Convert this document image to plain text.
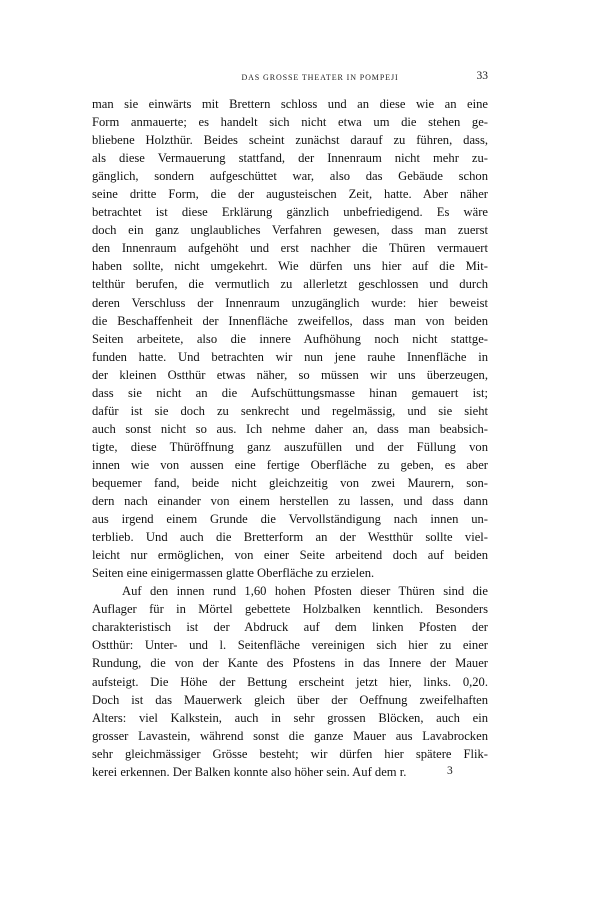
DAS GROSSE THEATER IN POMPEJI	33
man sie einwärts mit Brettern schloss und an diese wie an eine
Form anmauerte; es handelt sich nicht etwa um die stehen ge-
bliebene Holzthür. Beides scheint zunächst darauf zu führen, dass,
als diese Vermauerung stattfand, der Innenraum nicht mehr zu-
gänglich, sondern aufgeschüttet war, also das Gebäude schon
seine dritte Form, die der augusteischen Zeit, hatte. Aber näher
betrachtet ist diese Erklärung gänzlich unbefriedigend. Es wäre
doch ein ganz unglaubliches Verfahren gewesen, dass man zuerst
den Innenraum aufgehöht und erst nachher die Thüren vermauert
haben sollte, nicht umgekehrt. Wie dürfen uns hier auf die Mit-
telthür berufen, die vermutlich zu allerletzt geschlossen und durch
deren Verschluss der Innenraum unzugänglich wurde: hier beweist
die Beschaffenheit der Innenfläche zweifellos, dass man von beiden
Seiten arbeitete, also die innere Aufhöhung noch nicht stattge-
funden hatte. Und betrachten wir nun jene rauhe Innenfläche in
der kleinen Ostthür etwas näher, so müssen wir uns überzeugen,
dass sie nicht an die Aufschüttungsmasse hinan gemauert ist;
dafür ist sie doch zu senkrecht und regelmässig, und sie sieht
auch sonst nicht so aus. Ich nehme daher an, dass man beabsich-
tigte, diese Thüröffnung ganz auszufüllen und der Füllung von
innen wie von aussen eine fertige Oberfläche zu geben, es aber
bequemer fand, beide nicht gleichzeitig von zwei Maurern, son-
dern nach einander von einem herstellen zu lassen, und dass dann
aus irgend einem Grunde die Vervollständigung nach innen un-
terblieb. Und auch die Bretterform an der Westthür sollte viel-
leicht nur ermöglichen, von einer Seite arbeitend doch auf beiden
Seiten eine einigermassen glatte Oberfläche zu erzielen.
Auf den innen rund 1,60 hohen Pfosten dieser Thüren sind die
Auflager für in Mörtel gebettete Holzbalken kenntlich. Besonders
charakteristisch ist der Abdruck auf dem linken Pfosten der
Ostthür: Unter- und l. Seitenfläche vereinigen sich hier zu einer
Rundung, die von der Kante des Pfostens in das Innere der Mauer
aufsteigt. Die Höhe der Bettung erscheint jetzt hier, links. 0,20.
Doch ist das Mauerwerk gleich über der Oeffnung zweifelhaften
Alters: viel Kalkstein, auch in sehr grossen Blöcken, auch ein
grosser Lavastein, während sonst die ganze Mauer aus Lavabrocken
sehr gleichmässiger Grösse besteht; wir dürfen hier spätere Flik-
kerei erkennen. Der Balken konnte also höher sein. Auf dem r.	3
